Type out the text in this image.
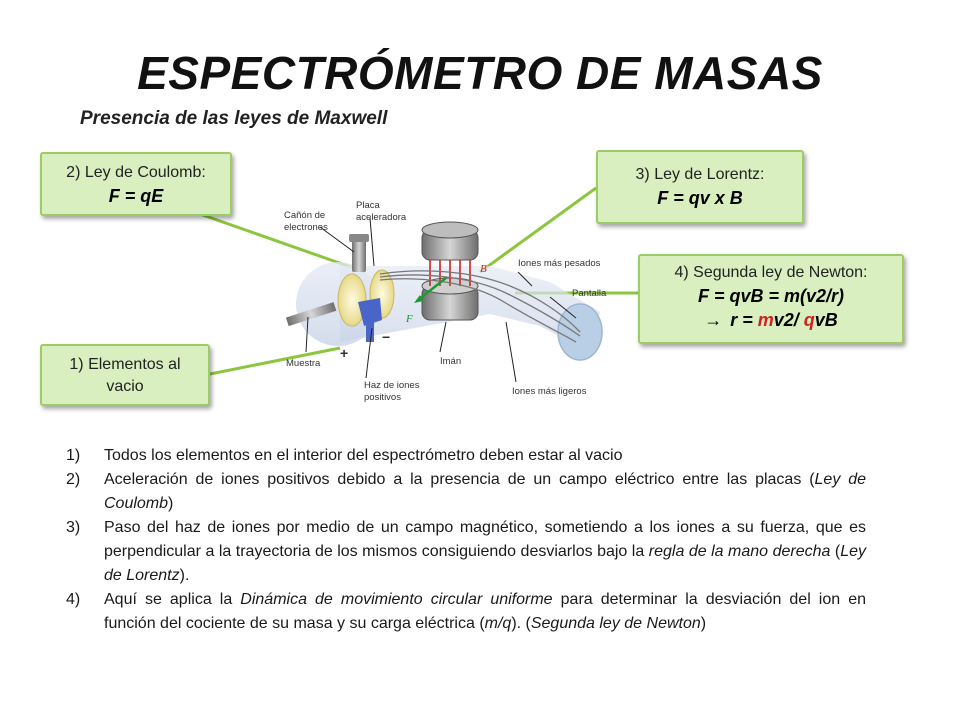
ESPECTRÓMETRO DE MASAS
Presencia de las leyes de Maxwell
B
F
+
−
Cañón de
electrones
Placa
aceleradora
Iones más pesados
Pantalla
Muestra
Haz de iones
positivos
Imán
Iones más ligeros
2) Ley de Coulomb:
F = qE
3) Ley de Lorentz:
F = qv x B
4) Segunda ley de Newton:
F = qvB = m(v2/r)
→ r = mv2/ qvB
1) Elementos al
vacio
1) Todos los elementos en el interior del espectrómetro deben estar al vacio
2) Aceleración de iones positivos debido a la presencia de un campo eléctrico entre las placas (Ley de Coulomb)
3) Paso del haz de iones por medio de un campo magnético, sometiendo a los iones a su fuerza, que es perpendicular a la trayectoria de los mismos consiguiendo desviarlos bajo la regla de la mano derecha (Ley de Lorentz).
4) Aquí se aplica la Dinámica de movimiento circular uniforme para determinar la desviación del ion en función del cociente de su masa y su carga eléctrica (m/q). (Segunda ley de Newton)
